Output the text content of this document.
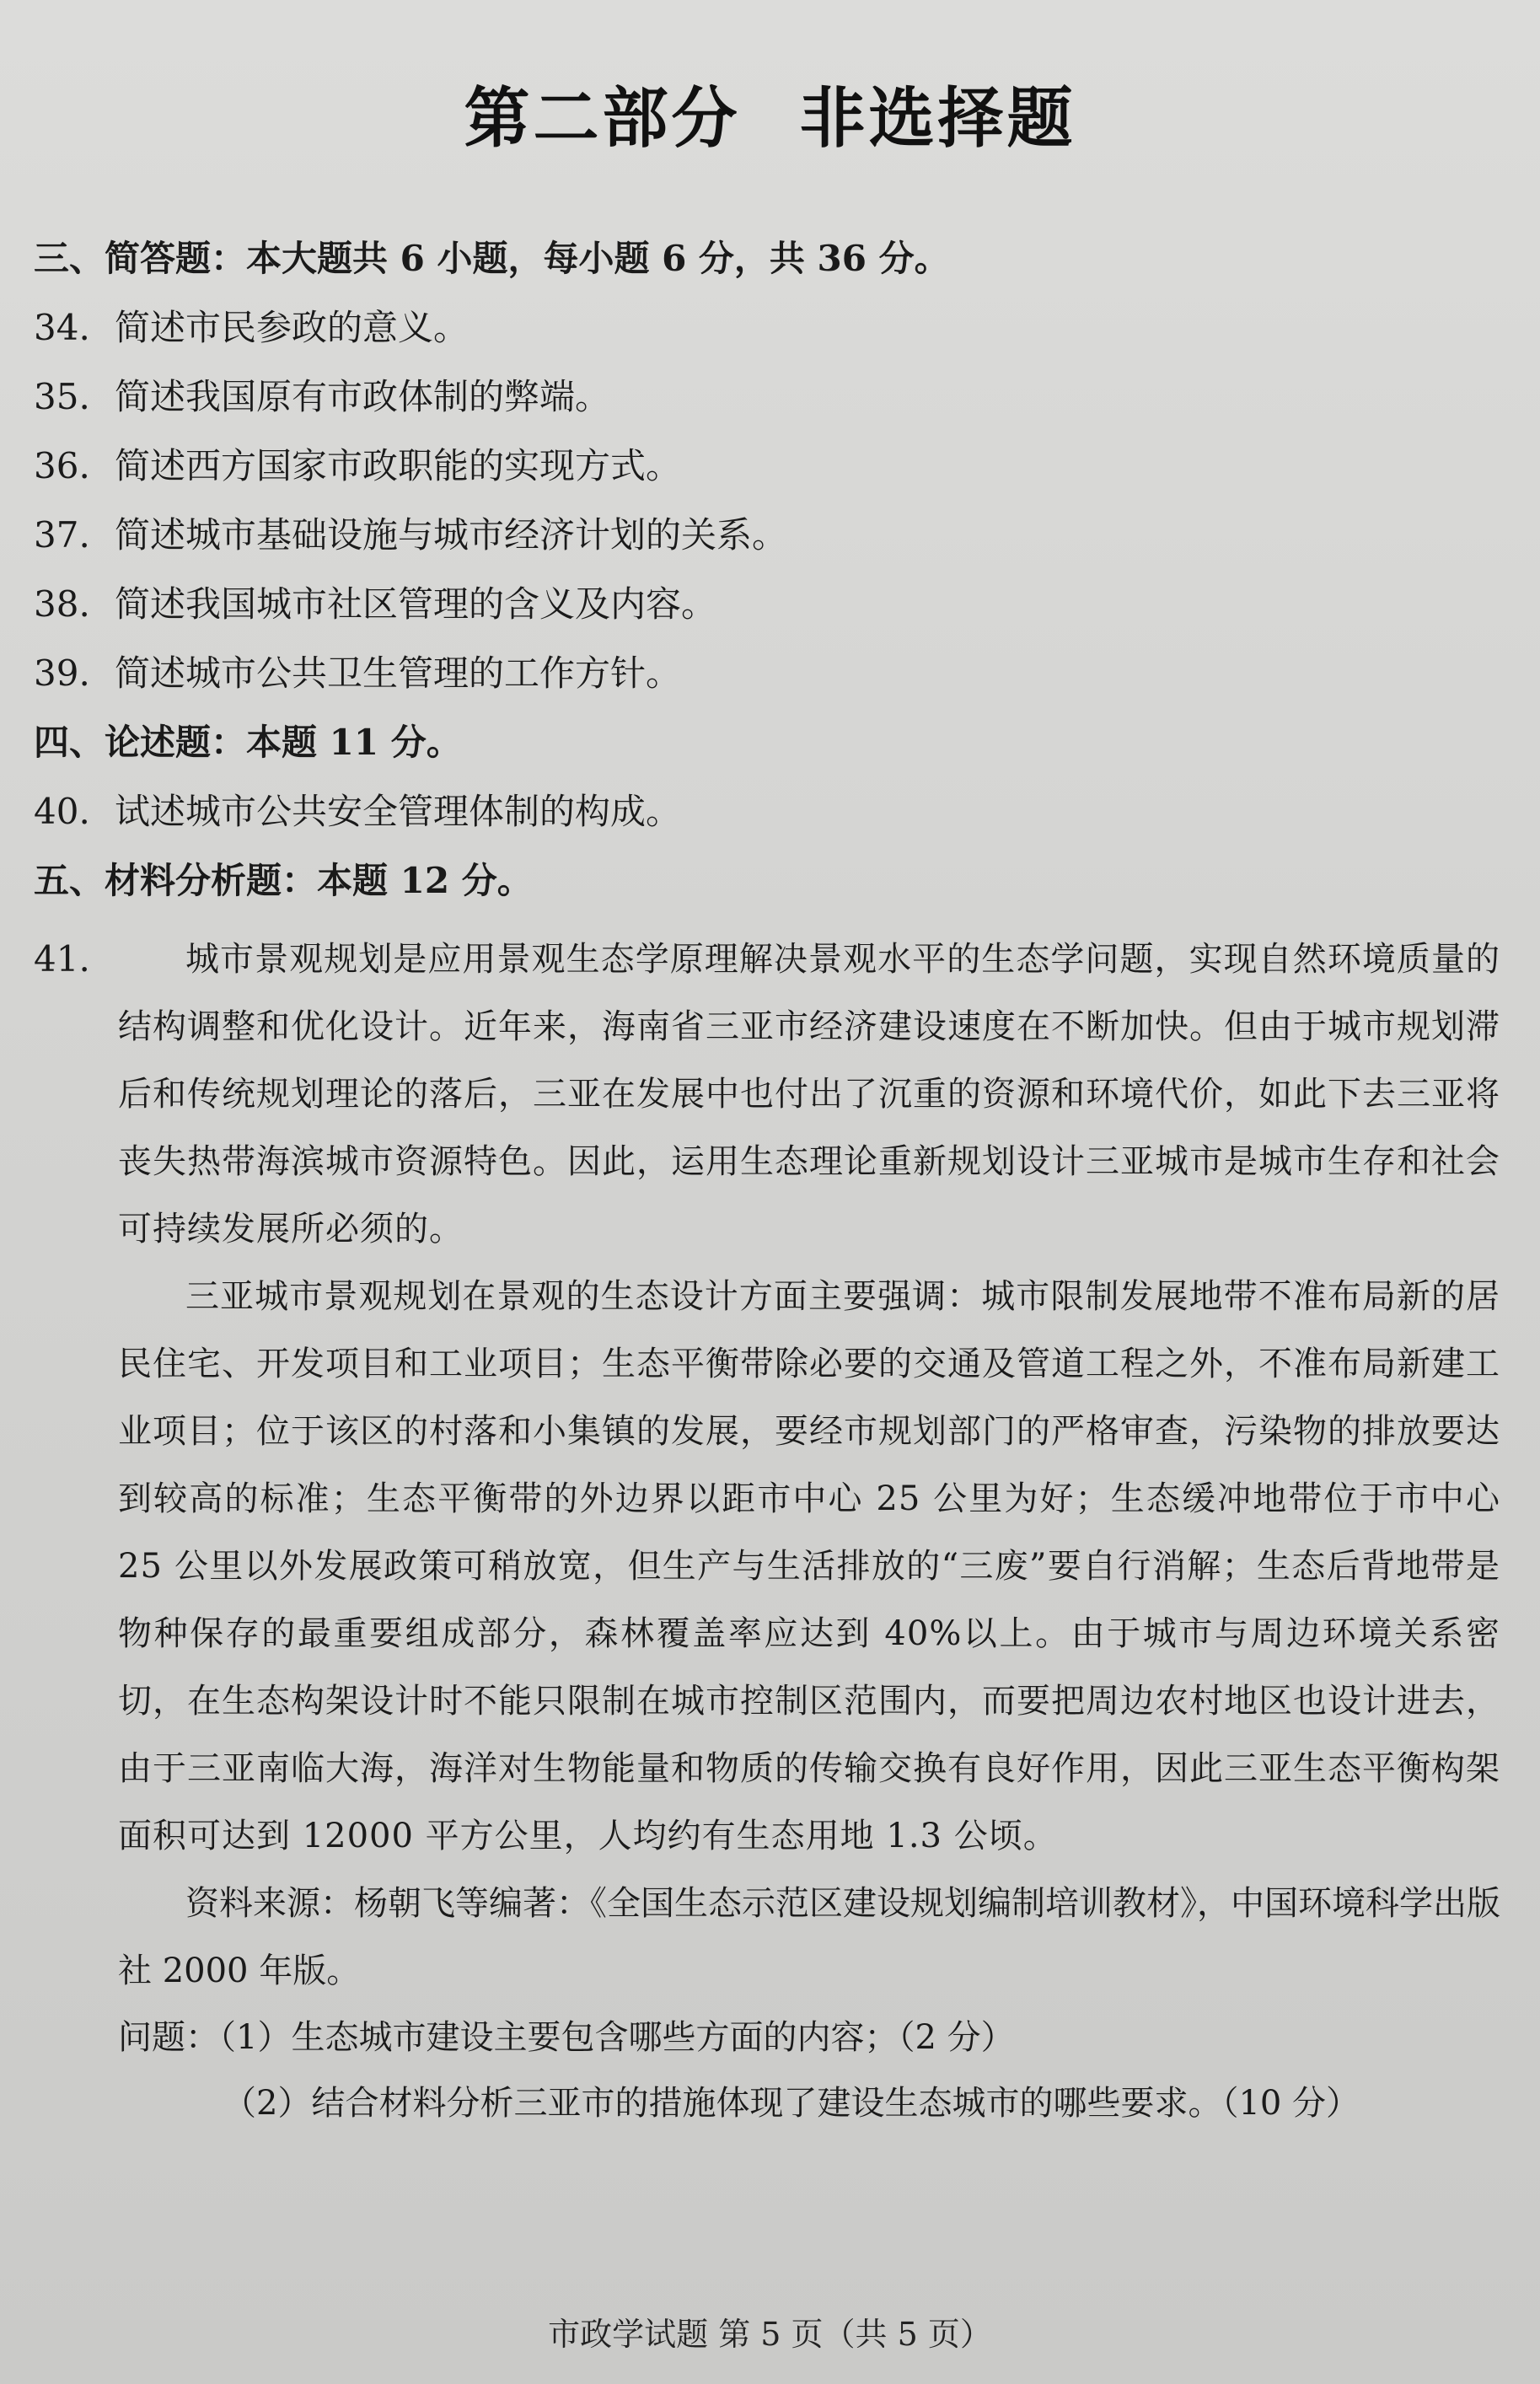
第二部分 非选择题
三、简答题：本大题共 6 小题，每小题 6 分，共 36 分。
34. 简述市民参政的意义。
35. 简述我国原有市政体制的弊端。
36. 简述西方国家市政职能的实现方式。
37. 简述城市基础设施与城市经济计划的关系。
38. 简述我国城市社区管理的含义及内容。
39. 简述城市公共卫生管理的工作方针。
四、论述题：本题 11 分。
40. 试述城市公共安全管理体制的构成。
五、材料分析题：本题 12 分。
41.	城市景观规划是应用景观生态学原理解决景观水平的生态学问题，实现自然环境质量的结构调整和优化设计。近年来，海南省三亚市经济建设速度在不断加快。但由于城市规划滞后和传统规划理论的落后，三亚在发展中也付出了沉重的资源和环境代价，如此下去三亚将丧失热带海滨城市资源特色。因此，运用生态理论重新规划设计三亚城市是城市生存和社会可持续发展所必须的。
三亚城市景观规划在景观的生态设计方面主要强调：城市限制发展地带不准布局新的居民住宅、开发项目和工业项目；生态平衡带除必要的交通及管道工程之外，不准布局新建工业项目；位于该区的村落和小集镇的发展，要经市规划部门的严格审查，污染物的排放要达到较高的标准；生态平衡带的外边界以距市中心 25 公里为好；生态缓冲地带位于市中心 25 公里以外发展政策可稍放宽，但生产与生活排放的“三废”要自行消解；生态后背地带是物种保存的最重要组成部分，森林覆盖率应达到 40%以上。由于城市与周边环境关系密切，在生态构架设计时不能只限制在城市控制区范围内，而要把周边农村地区也设计进去，由于三亚南临大海，海洋对生物能量和物质的传输交换有良好作用，因此三亚生态平衡构架面积可达到 12000 平方公里，人均约有生态用地 1.3 公顷。
资料来源：杨朝飞等编著：《全国生态示范区建设规划编制培训教材》，中国环境科学出版社 2000 年版。
问题：（1）生态城市建设主要包含哪些方面的内容；（2 分）
（2）结合材料分析三亚市的措施体现了建设生态城市的哪些要求。（10 分）
市政学试题 第 5 页（共 5 页）
